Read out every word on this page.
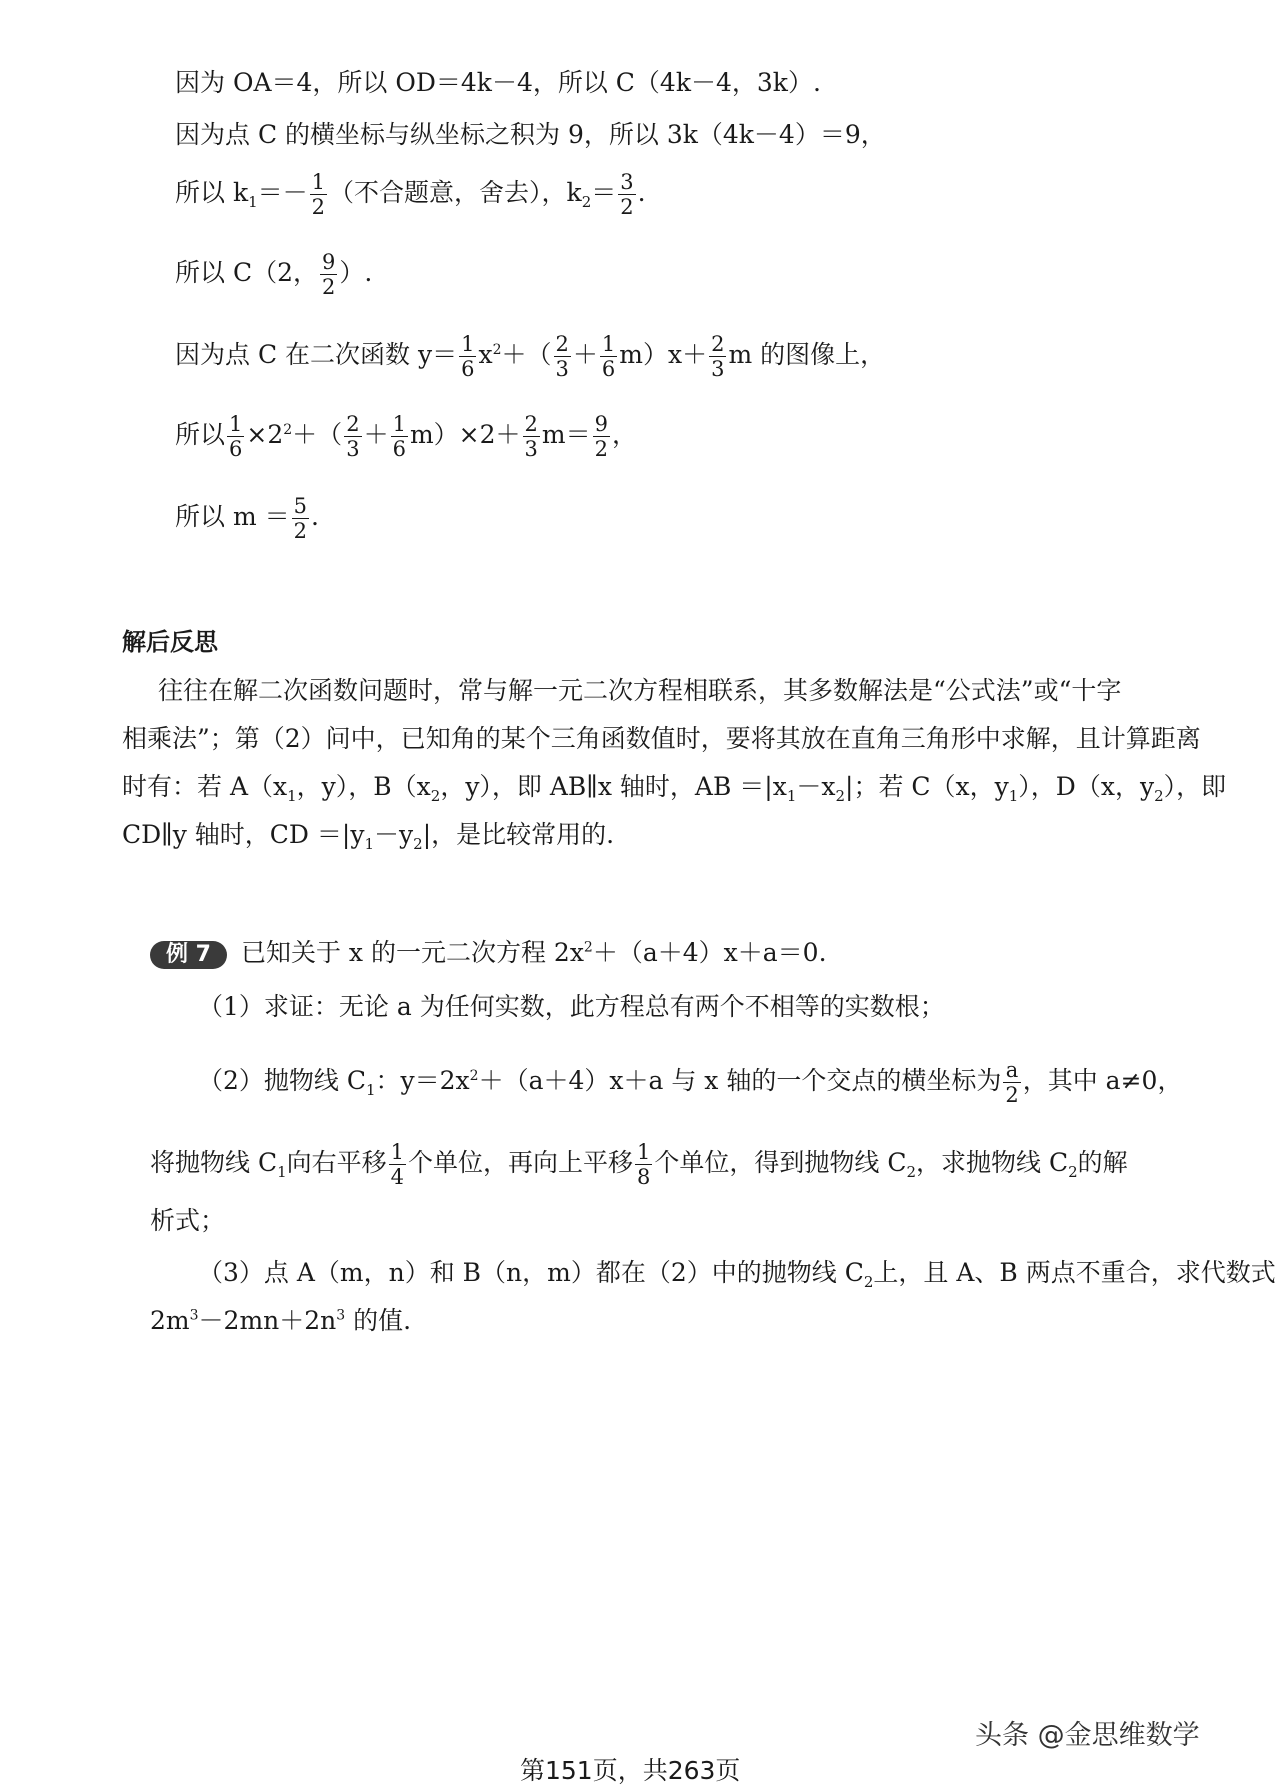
因为 OA＝4，所以 OD＝4k－4，所以 C（4k－4，3k）.
因为点 C 的横坐标与纵坐标之积为 9，所以 3k（4k－4）＝9，
所以 $k_1=- \frac{1}{2}$ （不合题意，舍去），$k_2= \frac{3}{2}$ .
所以 C（2， $\frac{9}{2}$ ）.
因为点 C 在二次函数 $y= \frac{1}{6} x^2+( \frac{2}{3} + \frac{1}{6} m)x+ \frac{2}{3}$ m 的图像上，
所以 $\frac{1}{6} \times 2^2+( \frac{2}{3} + \frac{1}{6} m)\times 2+ \frac{2}{3} m= \frac{9}{2}$ ，
所以 $m = \frac{5}{2}$ .
解后反思
往往在解二次函数问题时，常与解一元二次方程相联系，其多数解法是“公式法”或“十字
相乘法”；第（2）问中，已知角的某个三角函数值时，要将其放在直角三角形中求解，且计算距离
时有：若 $A(x_1$，y），$B(x_2$，y），即 AB∥x 轴时，AB $=|x_1-x_2|$；若 C（x，$y_1$），D（x，$y_2$），即
CD∥y 轴时，CD $=|y_1-y_2|$，是比较常用的.
例 7 已知关于 x 的一元二次方程 $2x^2+(a+4)x+a=0$.
（1）求证：无论 a 为任何实数，此方程总有两个不相等的实数根；
（2）抛物线 $C_1$：$y=2x^2+(a+4)x+a$ 与 x 轴的一个交点的横坐标为 $\frac{a}{2}$ ，其中 a≠0，
将抛物线 $C_1$向右平移 $\frac{1}{4}$ 个单位，再向上平移 $\frac{1}{8}$ 个单位，得到抛物线 $C_2$，求抛物线 $C_2$的解
析式；
（3）点 A（m，n）和 B（n，m）都在（2）中的抛物线 $C_2$上，且 A、B 两点不重合，求代数式
$2m^3-2mn+2n^3$ 的值.
头条 @金思维数学
第151页，共263页
